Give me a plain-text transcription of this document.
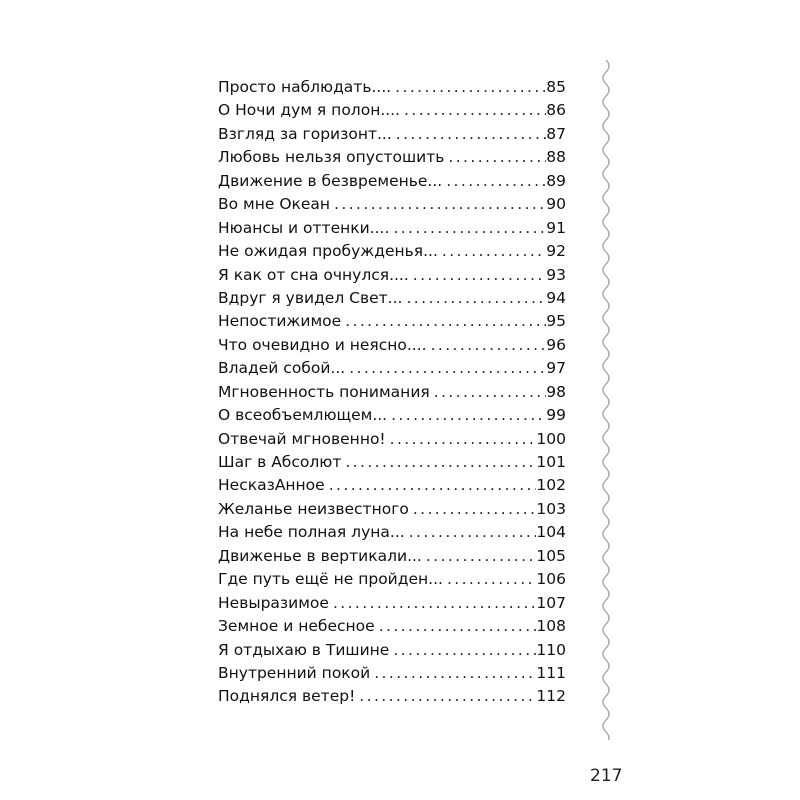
Просто наблюдать.... .....	85
О Ночи дум я полон.... .....	86
Взгляд за горизонт... .....	87
Любовь нельзя опустошить .....	88
Движение в безвременье... .....	89
Во мне Океан .....	90
Нюансы и оттенки.... .....	91
Не ожидая пробужденья... .....	92
Я как от сна очнулся.... .....	93
Вдруг я увидел Свет... .....	94
Непостижимое .....	95
Что очевидно и неясно.... .....	96
Владей собой... .....	97
Мгновенность понимания .....	98
О всеобъемлющем... .....	99
Отвечай мгновенно! .....	100
Шаг в Абсолют .....	101
НесказАнное .....	102
Желанье неизвестного .....	103
На небе полная луна... .....	104
Движенье в вертикали... .....	105
Где путь ещё не пройден... .....	106
Невыразимое .....	107
Земное и небесное .....	108
Я отдыхаю в Тишине .....	110
Внутренний покой .....	111
Поднялся ветер! .....	112
217
